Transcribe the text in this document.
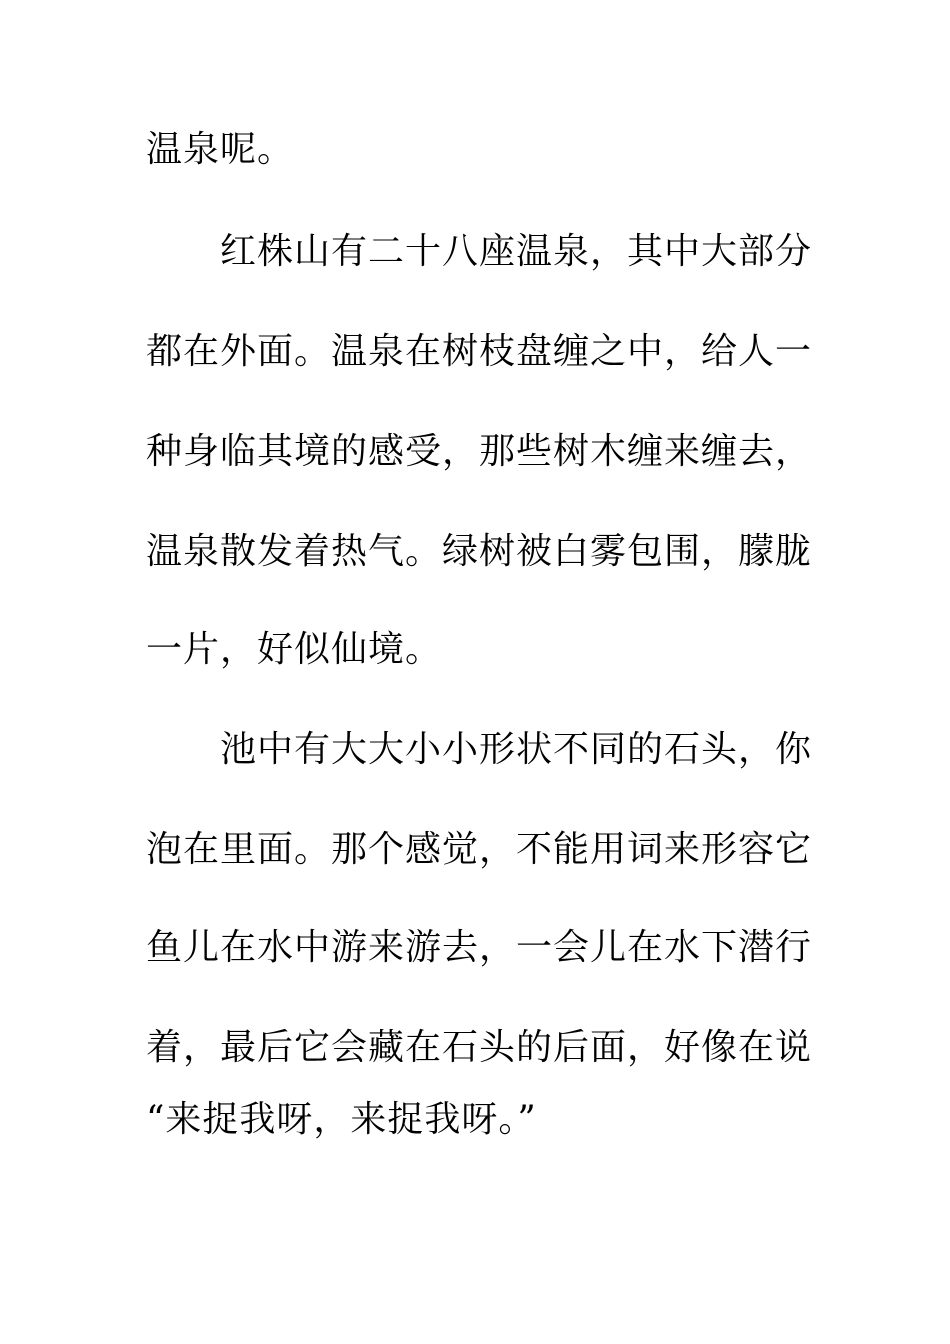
温泉呢。
　　红株山有二十八座温泉，其中大部分
都在外面。温泉在树枝盘缠之中，给人一
种身临其境的感受，那些树木缠来缠去，
温泉散发着热气。绿树被白雾包围，朦胧
一片，好似仙境。
　　池中有大大小小形状不同的石头，你
泡在里面。那个感觉，不能用词来形容它
鱼儿在水中游来游去，一会儿在水下潜行
着，最后它会藏在石头的后面，好像在说
“来捉我呀，来捉我呀。”
